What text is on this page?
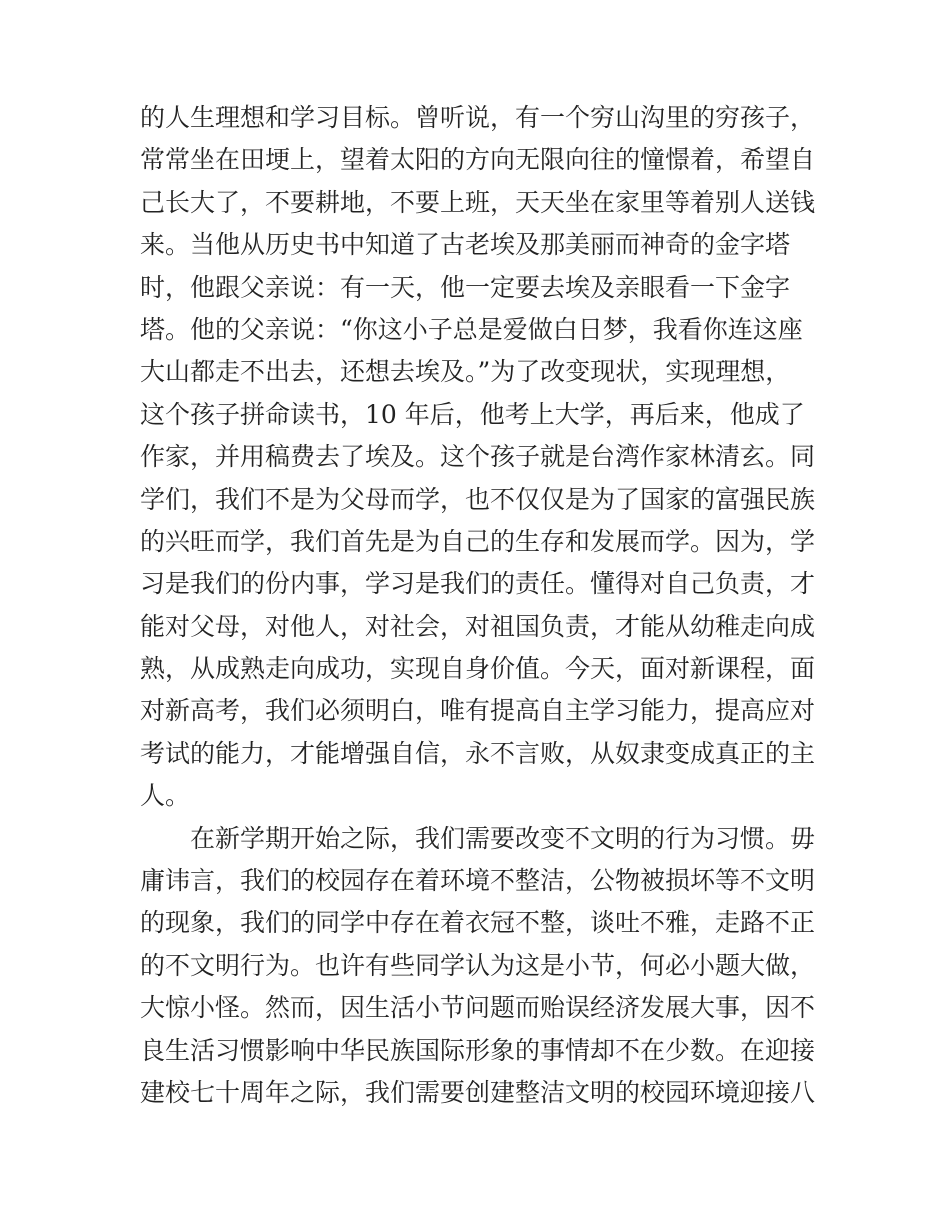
的人生理想和学习目标。曾听说，有一个穷山沟里的穷孩子，
常常坐在田埂上，望着太阳的方向无限向往的憧憬着，希望自
己长大了，不要耕地，不要上班，天天坐在家里等着别人送钱
来。当他从历史书中知道了古老埃及那美丽而神奇的金字塔
时，他跟父亲说：有一天，他一定要去埃及亲眼看一下金字
塔。他的父亲说：“你这小子总是爱做白日梦，我看你连这座
大山都走不出去，还想去埃及。”为了改变现状，实现理想，
这个孩子拼命读书，10 年后，他考上大学，再后来，他成了
作家，并用稿费去了埃及。这个孩子就是台湾作家林清玄。同
学们，我们不是为父母而学，也不仅仅是为了国家的富强民族
的兴旺而学，我们首先是为自己的生存和发展而学。因为，学
习是我们的份内事，学习是我们的责任。懂得对自己负责，才
能对父母，对他人，对社会，对祖国负责，才能从幼稚走向成
熟，从成熟走向成功，实现自身价值。今天，面对新课程，面
对新高考，我们必须明白，唯有提高自主学习能力，提高应对
考试的能力，才能增强自信，永不言败，从奴隶变成真正的主
人。
在新学期开始之际，我们需要改变不文明的行为习惯。毋
庸讳言，我们的校园存在着环境不整洁，公物被损坏等不文明
的现象，我们的同学中存在着衣冠不整，谈吐不雅，走路不正
的不文明行为。也许有些同学认为这是小节，何必小题大做，
大惊小怪。然而，因生活小节问题而贻误经济发展大事，因不
良生活习惯影响中华民族国际形象的事情却不在少数。在迎接
建校七十周年之际，我们需要创建整洁文明的校园环境迎接八
